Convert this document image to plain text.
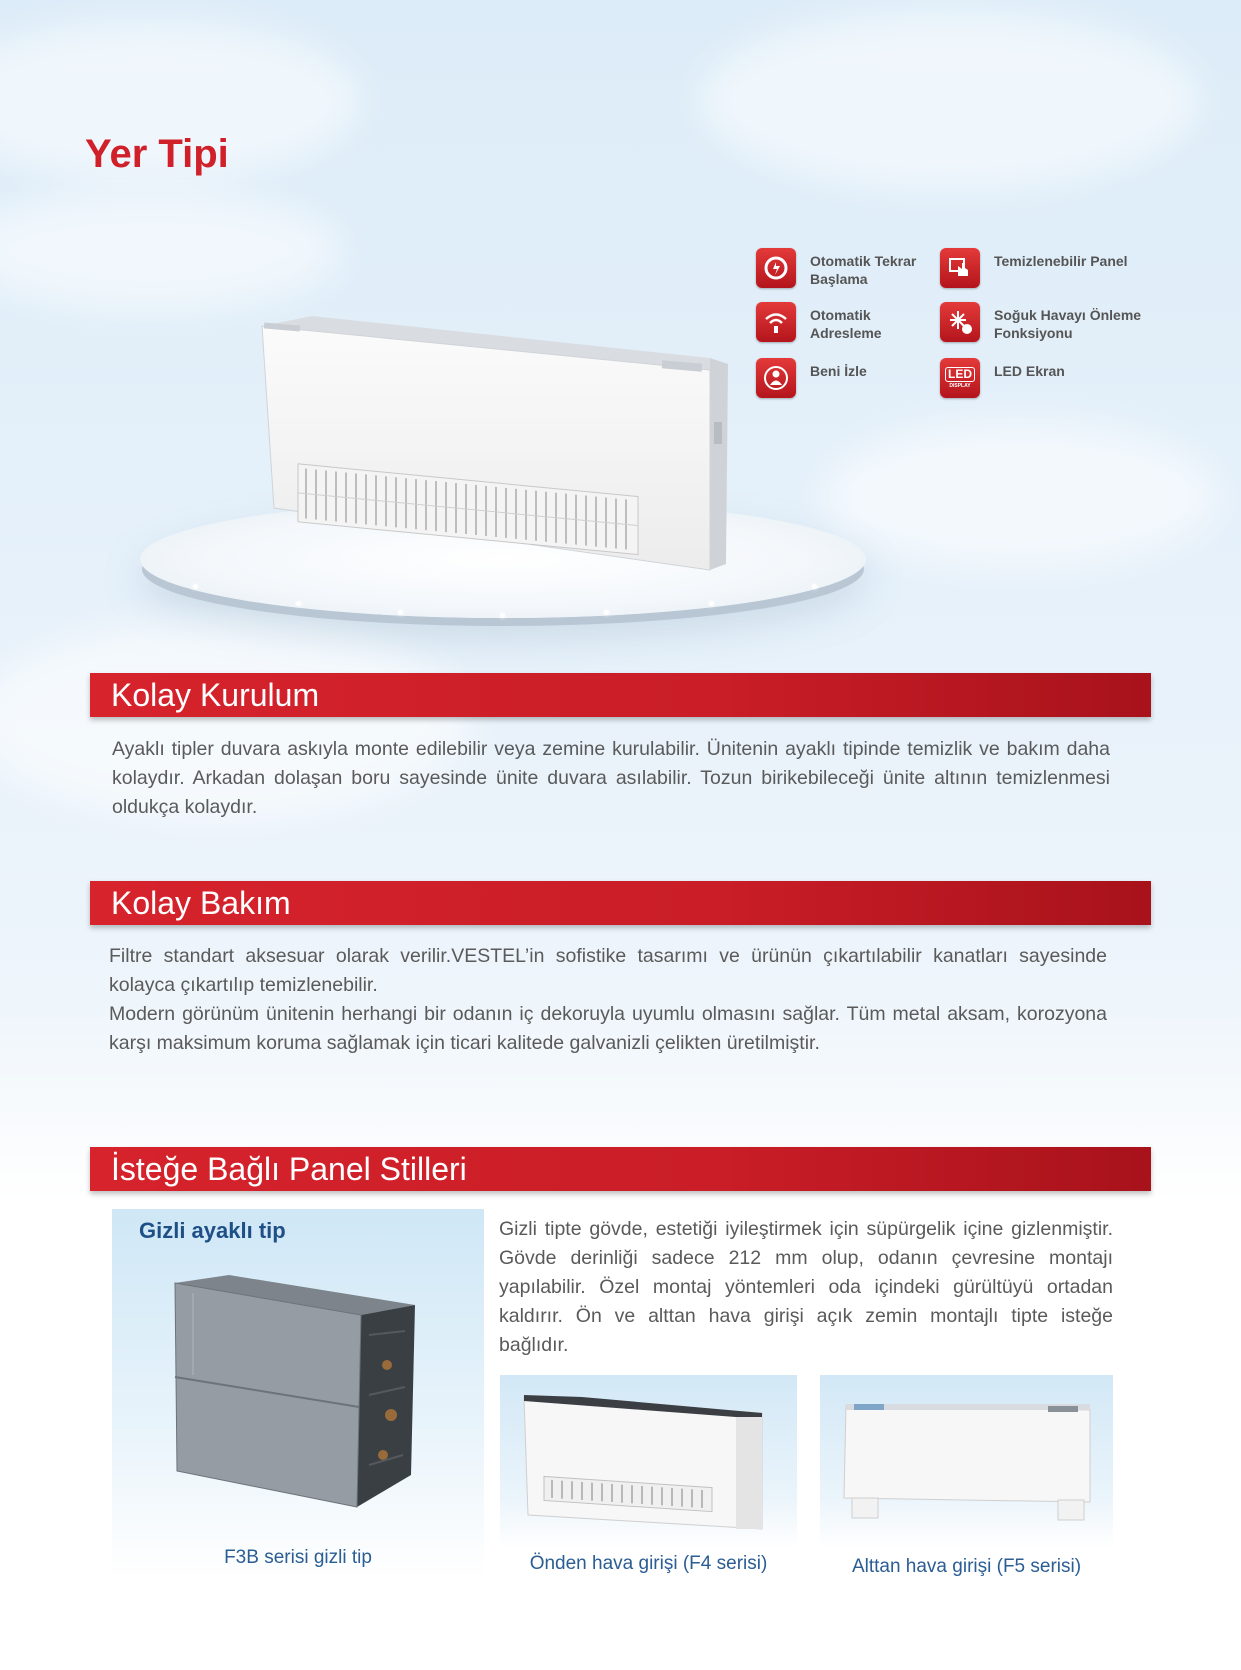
Yer Tipi
Otomatik Tekrar Başlama
Temizlenebilir Panel
Otomatik Adresleme
Soğuk Havayı Önleme Fonksiyonu
Beni İzle	LED
DISPLAY
LED Ekran
Kolay Kurulum

Ayaklı tipler duvara askıyla monte edilebilir veya zemine kurulabilir. Ünitenin ayaklı tipinde temizlik ve bakım daha kolaydır. Arkadan dolaşan boru sayesinde ünite duvara asılabilir. Tozun birikebileceği ünite altının temizlenmesi oldukça kolaydır.

Kolay Bakım

Filtre standart aksesuar olarak verilir.VESTEL’in sofistike tasarımı ve ürünün çıkartılabilir kanatları sayesinde kolayca çıkartılıp temizlenebilir.

Modern görünüm ünitenin herhangi bir odanın iç dekoruyla uyumlu olmasını sağlar. Tüm metal aksam, korozyona karşı maksimum koruma sağlamak için ticari kalitede galvanizli çelikten üretilmiştir.

İsteğe Bağlı Panel Stilleri
Gizli ayaklı tip

F3B serisi gizli tip

Gizli tipte gövde, estetiği iyileştirmek için süpürgelik içine gizlenmiştir. Gövde derinliği sadece 212 mm olup, odanın çevresine montajı yapılabilir. Özel montaj yöntemleri oda içindeki gürültüyü ortadan kaldırır. Ön ve alttan hava girişi açık zemin montajlı tipte isteğe bağlıdır.

Önden hava girişi (F4 serisi)	Alttan hava girişi (F5 serisi)
